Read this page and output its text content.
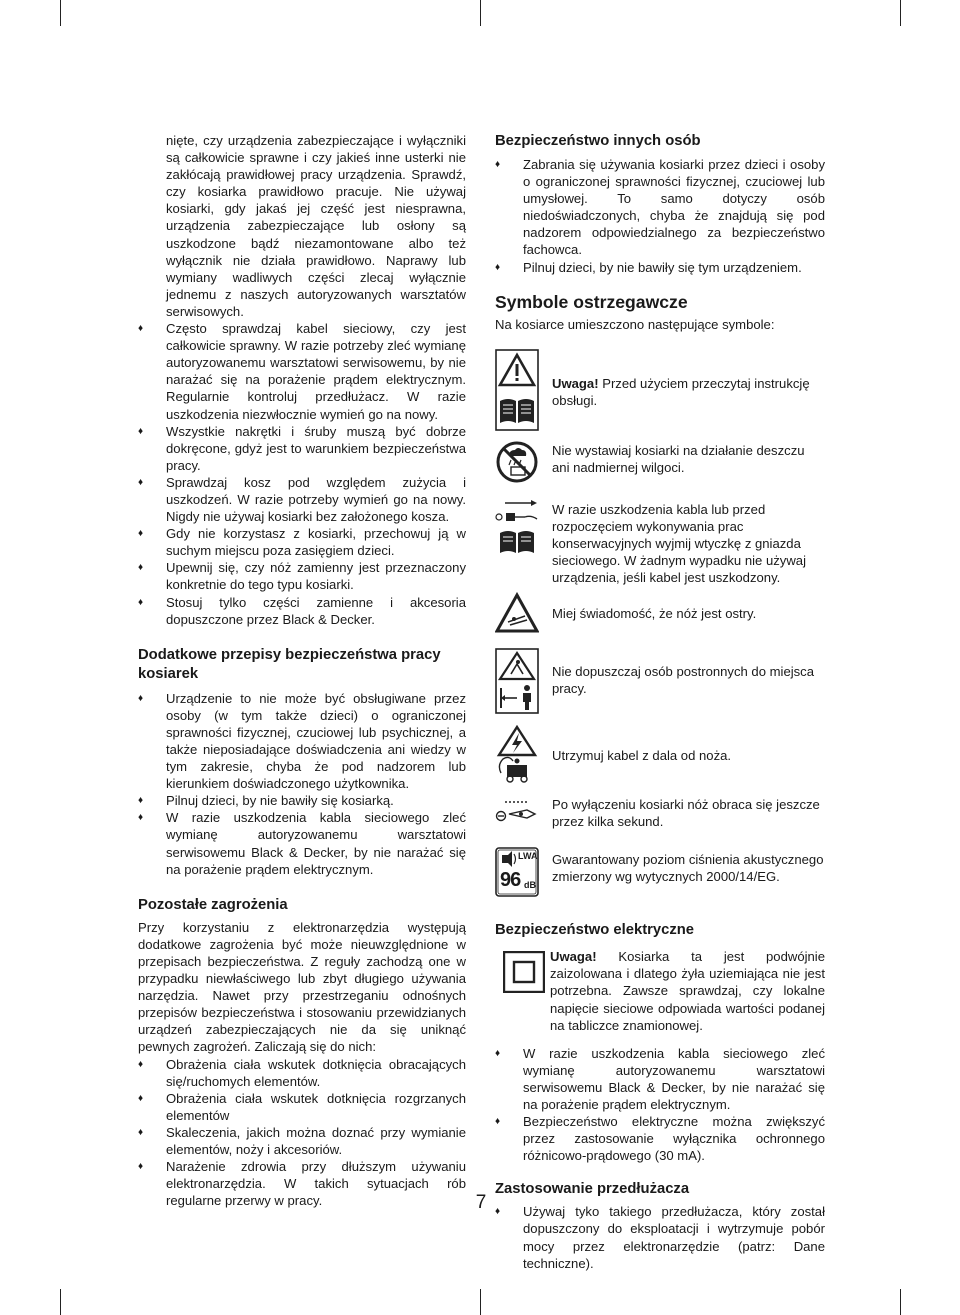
nięte, czy urządzenia zabezpieczające i wyłączniki są całkowicie sprawne i czy jakieś inne usterki nie zakłócają prawidłowej pracy urządzenia. Sprawdź, czy kosiarka prawidłowo pracuje. Nie używaj kosiarki, gdy jakaś jej część jest niesprawna, urządzenia zabezpieczające lub osłony są uszkodzone bądź niezamontowane albo też wyłącznik nie działa prawidłowo. Naprawy lub wymiany wadliwych części zlecaj wyłącznie jednemu z naszych autoryzowanych warsztatów serwisowych.

♦ Często sprawdzaj kabel sieciowy, czy jest całkowicie sprawny. W razie potrzeby zleć wymianę autoryzowanemu warsztatowi serwisowemu, by nie narażać się na porażenie prądem elektrycznym. Regularnie kontroluj przedłużacz. W razie uszkodzenia niezwłocznie wymień go na nowy.
♦ Wszystkie nakrętki i śruby muszą być dobrze dokręcone, gdyż jest to warunkiem bezpieczeństwa pracy.
♦ Sprawdzaj kosz pod względem zużycia i uszkodzeń. W razie potrzeby wymień go na nowy. Nigdy nie używaj kosiarki bez założonego kosza.
♦ Gdy nie korzystasz z kosiarki, przechowuj ją w suchym miejscu poza zasięgiem dzieci.
♦ Upewnij się, czy nóż zamienny jest przeznaczony konkretnie do tego typu kosiarki.
♦ Stosuj tylko części zamienne i akcesoria dopuszczone przez Black & Decker.
Dodatkowe przepisy bezpieczeństwa pracy kosiarek
♦ Urządzenie to nie może być obsługiwane przez osoby (w tym także dzieci) o ograniczonej sprawności fizycznej, czuciowej lub psychicznej, a także nieposiadające doświadczenia ani wiedzy w tym zakresie, chyba że pod nadzorem lub kierunkiem doświadczonego użytkownika.
♦ Pilnuj dzieci, by nie bawiły się kosiarką.
♦ W razie uszkodzenia kabla sieciowego zleć wymianę autoryzowanemu warsztatowi serwisowemu Black & Decker, by nie narażać się na porażenie prądem elektrycznym.
Pozostałe zagrożenia

Przy korzystaniu z elektronarzędzia występują dodatkowe zagrożenia być może nieuwzględnione w przepisach bezpieczeństwa. Z reguły zachodzą one w przypadku niewłaściwego lub zbyt długiego używania narzędzia. Nawet przy przestrzeganiu odnośnych przepisów bezpieczeństwa i stosowaniu przewidzianych urządzeń zabezpieczających nie da się uniknąć pewnych zagrożeń. Zaliczają się do nich:

♦ Obrażenia ciała wskutek dotknięcia obracających się/ruchomych elementów.
♦ Obrażenia ciała wskutek dotknięcia rozgrzanych elementów
♦ Skaleczenia, jakich można doznać przy wymianie elementów, noży i akcesoriów.
♦ Narażenie zdrowia przy dłuższym używaniu elektronarzędzia. W takich sytuacjach rób regularne przerwy w pracy.
Bezpieczeństwo innych osób
♦ Zabrania się używania kosiarki przez dzieci i osoby o ograniczonej sprawności fizycznej, czuciowej lub umysłowej. To samo dotyczy osób niedoświadczonych, chyba że znajdują się pod nadzorem odpowiedzialnego za bezpieczeństwo fachowca.
♦ Pilnuj dzieci, by nie bawiły się tym urządzeniem.
Symbole ostrzegawcze

Na kosiarce umieszczono następujące symbole:

Uwaga! Przed użyciem przeczytaj instrukcję obsługi.
Nie wystawiaj kosiarki na działanie deszczu ani nadmiernej wilgoci.
W razie uszkodzenia kabla lub przed rozpoczęciem wykonywania prac konserwacyjnych wyjmij wtyczkę z gniazda sieciowego. W żadnym wypadku nie używaj urządzenia, jeśli kabel jest uszkodzony.
Miej świadomość, że nóż jest ostry.
Nie dopuszczaj osób postronnych do miejsca pracy.
Utrzymuj kabel z dala od noża.
Po wyłączeniu kosiarki nóż obraca się jeszcze przez kilka sekund.
LWA
96 dB
Gwarantowany poziom ciśnienia akustycznego zmierzony wg wytycznych 2000/14/EG.
Bezpieczeństwo elektryczne
Uwaga! Kosiarka ta jest podwójnie zaizolowana i dlatego żyła uziemiająca nie jest potrzebna. Zawsze sprawdzaj, czy lokalne napięcie sieciowe odpowiada wartości podanej na tabliczce znamionowej.
♦ W razie uszkodzenia kabla sieciowego zleć wymianę autoryzowanemu warsztatowi serwisowemu Black & Decker, by nie narażać się na porażenie prądem elektrycznym.
♦ Bezpieczeństwo elektryczne można zwiększyć przez zastosowanie wyłącznika ochronnego różnicowo-prądowego (30 mA).
Zastosowanie przedłużacza
♦ Używaj tyko takiego przedłużacza, który został dopuszczony do eksploatacji i wytrzymuje pobór mocy przez elektronarzędzie (patrz: Dane techniczne).
7
